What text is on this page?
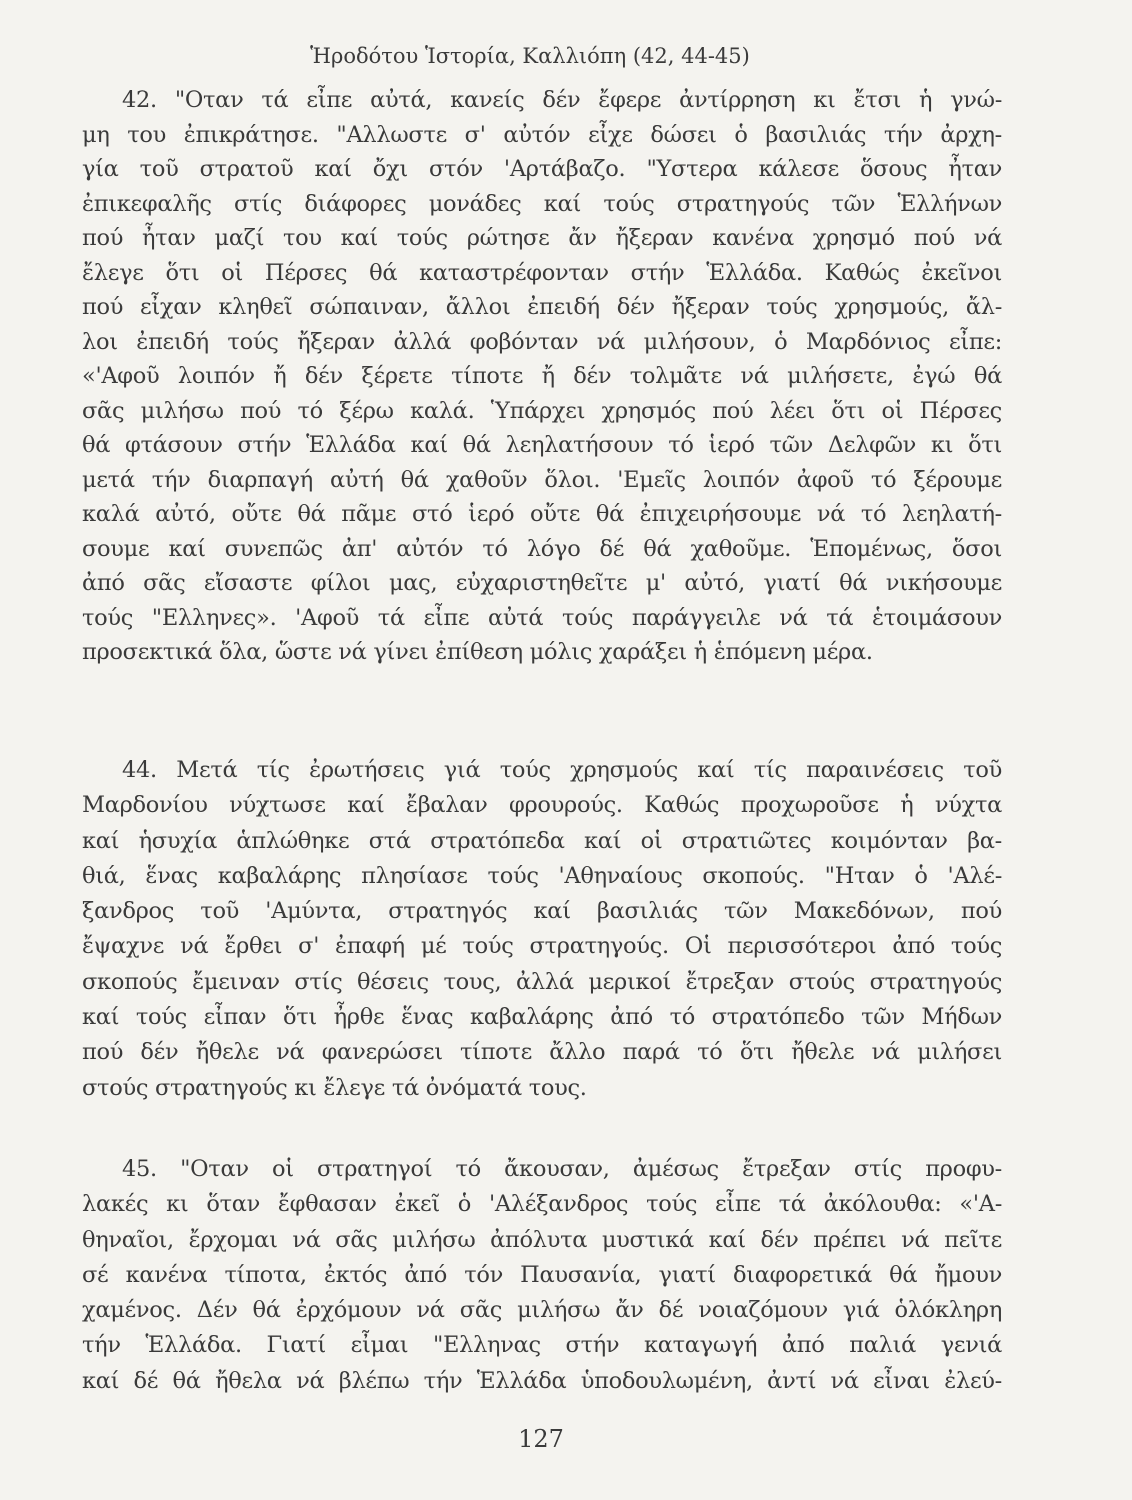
Ἡροδότου Ἱστορία, Καλλιόπη (42, 44-45)
42. "Οταν τά εἶπε αὐτά, κανείς δέν ἔφερε ἀντίρρηση κι ἔτσι ἡ γνώ-
μη του ἐπικράτησε. "Αλλωστε σ' αὐτόν εἶχε δώσει ὁ βασιλιάς τήν ἀρχη-
γία τοῦ στρατοῦ καί ὄχι στόν 'Αρτάβαζο. "Υστερα κάλεσε ὅσους ἦταν
ἐπικεφαλῆς στίς διάφορες μονάδες καί τούς στρατηγούς τῶν Ἑλλήνων
πού ἦταν μαζί του καί τούς ρώτησε ἄν ἤξεραν κανένα χρησμό πού νά
ἔλεγε ὅτι οἱ Πέρσες θά καταστρέφονταν στήν Ἑλλάδα. Καθώς ἐκεῖνοι
πού εἶχαν κληθεῖ σώπαιναν, ἄλλοι ἐπειδή δέν ἤξεραν τούς χρησμούς, ἄλ-
λοι ἐπειδή τούς ἤξεραν ἀλλά φοβόνταν νά μιλήσουν, ὁ Μαρδόνιος εἶπε:
«'Αφοῦ λοιπόν ἤ δέν ξέρετε τίποτε ἤ δέν τολμᾶτε νά μιλήσετε, ἐγώ θά
σᾶς μιλήσω πού τό ξέρω καλά. Ὑπάρχει χρησμός πού λέει ὅτι οἱ Πέρσες
θά φτάσουν στήν Ἑλλάδα καί θά λεηλατήσουν τό ἱερό τῶν Δελφῶν κι ὅτι
μετά τήν διαρπαγή αὐτή θά χαθοῦν ὅλοι. 'Εμεῖς λοιπόν ἀφοῦ τό ξέρουμε
καλά αὐτό, οὔτε θά πᾶμε στό ἱερό οὔτε θά ἐπιχειρήσουμε νά τό λεηλατή-
σουμε καί συνεπῶς ἀπ' αὐτόν τό λόγο δέ θά χαθοῦμε. Ἑπομένως, ὅσοι
ἀπό σᾶς εἴσαστε φίλοι μας, εὐχαριστηθεῖτε μ' αὐτό, γιατί θά νικήσουμε
τούς "Ελληνες». 'Αφοῦ τά εἶπε αὐτά τούς παράγγειλε νά τά ἑτοιμάσουν
προσεκτικά ὅλα, ὥστε νά γίνει ἐπίθεση μόλις χαράξει ἡ ἑπόμενη μέρα.
44. Μετά τίς ἐρωτήσεις γιά τούς χρησμούς καί τίς παραινέσεις τοῦ
Μαρδονίου νύχτωσε καί ἔβαλαν φρουρούς. Καθώς προχωροῦσε ἡ νύχτα
καί ἡσυχία ἁπλώθηκε στά στρατόπεδα καί οἱ στρατιῶτες κοιμόνταν βα-
θιά, ἕνας καβαλάρης πλησίασε τούς 'Αθηναίους σκοπούς. "Ηταν ὁ 'Αλέ-
ξανδρος τοῦ 'Αμύντα, στρατηγός καί βασιλιάς τῶν Μακεδόνων, πού
ἔψαχνε νά ἔρθει σ' ἐπαφή μέ τούς στρατηγούς. Οἱ περισσότεροι ἀπό τούς
σκοπούς ἔμειναν στίς θέσεις τους, ἀλλά μερικοί ἔτρεξαν στούς στρατηγούς
καί τούς εἶπαν ὅτι ἦρθε ἕνας καβαλάρης ἀπό τό στρατόπεδο τῶν Μήδων
πού δέν ἤθελε νά φανερώσει τίποτε ἄλλο παρά τό ὅτι ἤθελε νά μιλήσει
στούς στρατηγούς κι ἔλεγε τά ὀνόματά τους.
45. "Οταν οἱ στρατηγοί τό ἄκουσαν, ἀμέσως ἔτρεξαν στίς προφυ-
λακές κι ὅταν ἔφθασαν ἐκεῖ ὁ 'Αλέξανδρος τούς εἶπε τά ἀκόλουθα: «'Α-
θηναῖοι, ἔρχομαι νά σᾶς μιλήσω ἀπόλυτα μυστικά καί δέν πρέπει νά πεῖτε
σέ κανένα τίποτα, ἐκτός ἀπό τόν Παυσανία, γιατί διαφορετικά θά ἤμουν
χαμένος. Δέν θά ἐρχόμουν νά σᾶς μιλήσω ἄν δέ νοιαζόμουν γιά ὁλόκληρη
τήν Ἑλλάδα. Γιατί εἶμαι "Ελληνας στήν καταγωγή ἀπό παλιά γενιά
καί δέ θά ἤθελα νά βλέπω τήν Ἑλλάδα ὑποδουλωμένη, ἀντί νά εἶναι ἐλεύ-
127
